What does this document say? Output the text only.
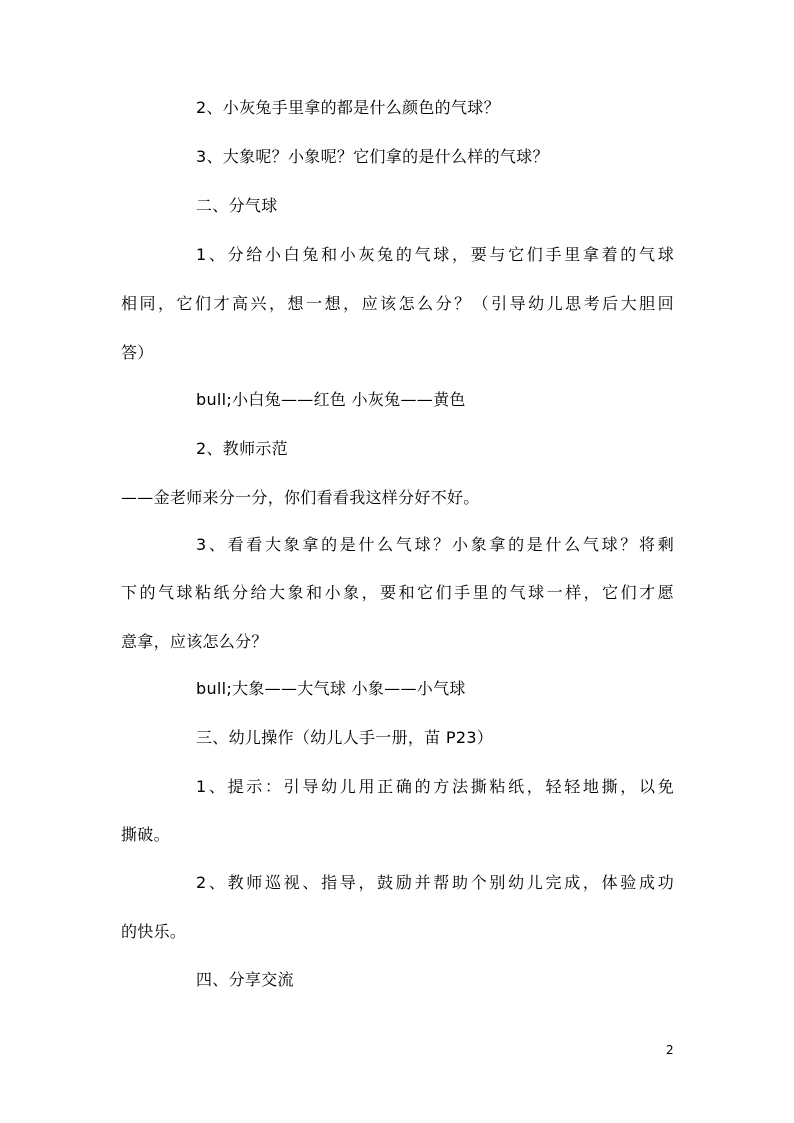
2、小灰兔手里拿的都是什么颜色的气球？
3、大象呢？小象呢？它们拿的是什么样的气球？
二、分气球
1、分给小白兔和小灰兔的气球，要与它们手里拿着的气球
相同，它们才高兴，想一想，应该怎么分？（引导幼儿思考后大胆回
答）
bull;小白兔——红色 小灰兔——黄色
2、教师示范
——金老师来分一分，你们看看我这样分好不好。
3、看看大象拿的是什么气球？小象拿的是什么气球？将剩
下的气球粘纸分给大象和小象，要和它们手里的气球一样，它们才愿
意拿，应该怎么分？
bull;大象——大气球 小象——小气球
三、幼儿操作（幼儿人手一册，苗 P23）
1、提示：引导幼儿用正确的方法撕粘纸，轻轻地撕，以免
撕破。
2、教师巡视、指导，鼓励并帮助个别幼儿完成，体验成功
的快乐。
四、分享交流
2
